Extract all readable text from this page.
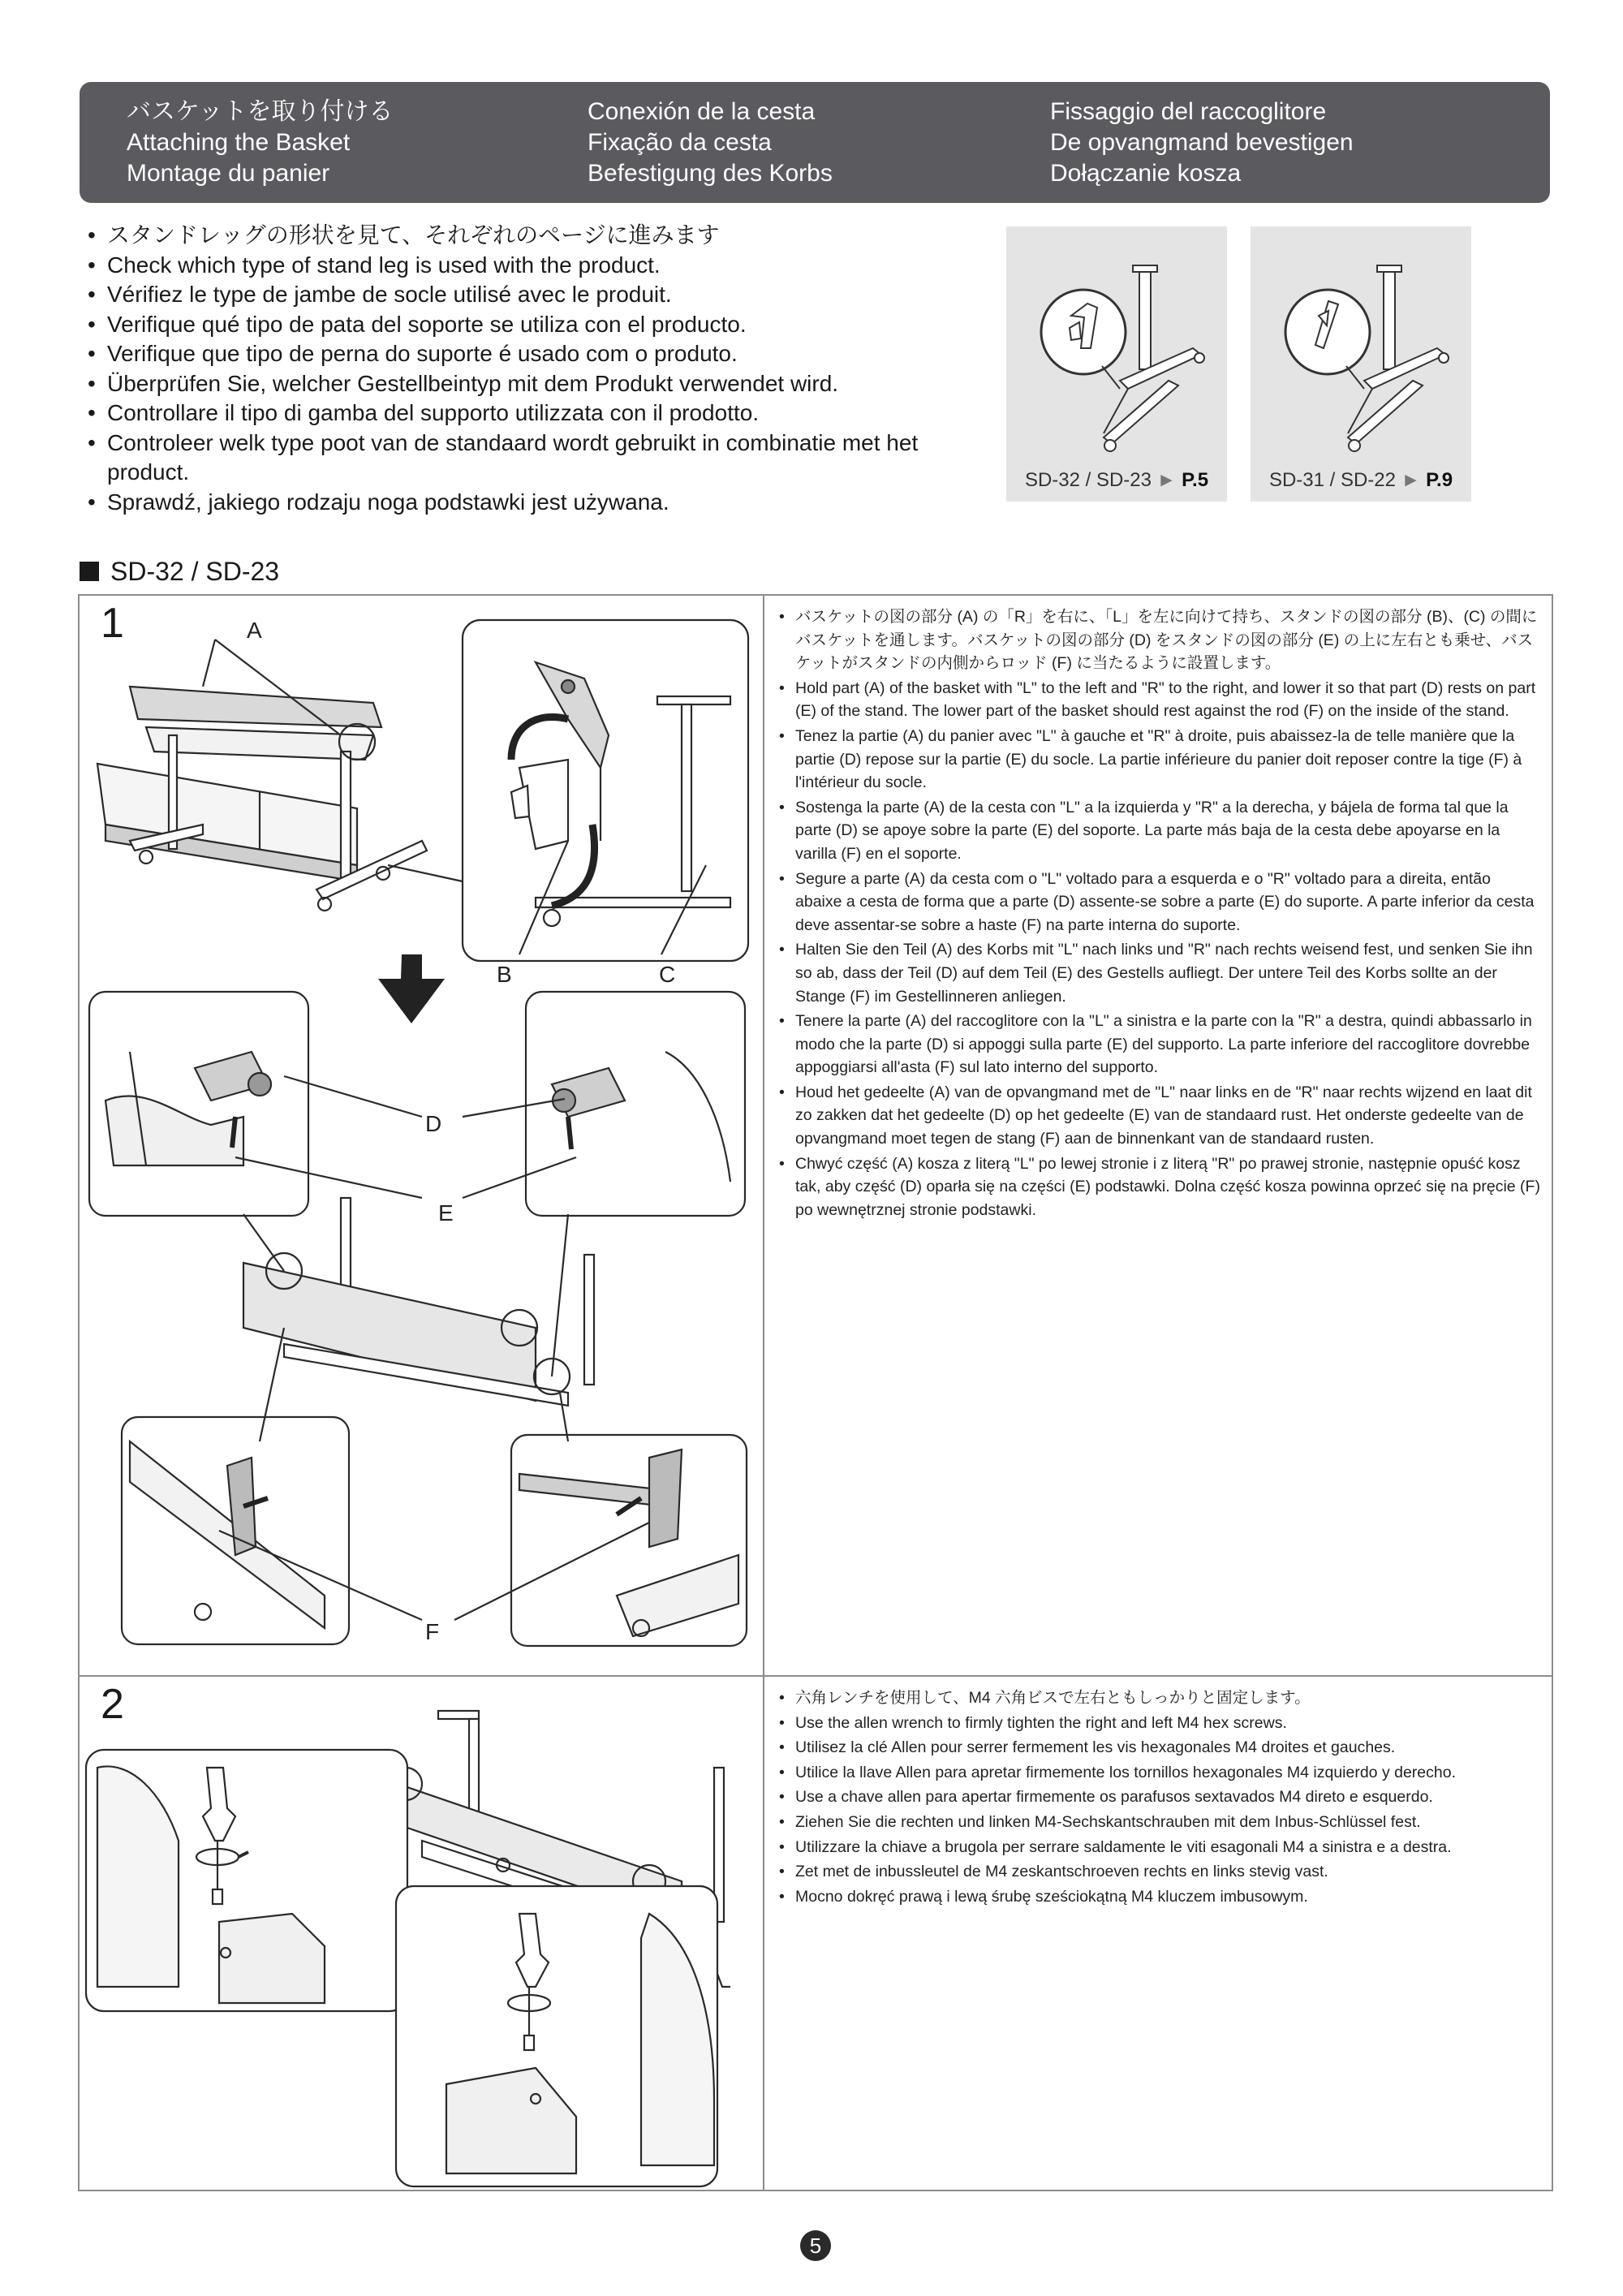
バスケットを取り付ける
Attaching the Basket
Montage du panier
Conexión de la cesta
Fixação da cesta
Befestigung des Korbs
Fissaggio del raccoglitore
De opvangmand bevestigen
Dołączanie kosza
• スタンドレッグの形状を見て、それぞれのページに進みます
• Check which type of stand leg is used with the product.
• Vérifiez le type de jambe de socle utilisé avec le produit.
• Verifique qué tipo de pata del soporte se utiliza con el producto.
• Verifique que tipo de perna do suporte é usado com o produto.
• Überprüfen Sie, welcher Gestellbeintyp mit dem Produkt verwendet wird.
• Controllare il tipo di gamba del supporto utilizzata con il prodotto.
• Controleer welk type poot van de standaard wordt gebruikt in combinatie met het product.
• Sprawdź, jakiego rodzaju noga podstawki jest używana.
SD-32 / SD-23 ► P.5	SD-31 / SD-22 ► P.9
SD-32 / SD-23
1	A
B	C
D
E
F
• バスケットの図の部分 (A) の「R」を右に、「L」を左に向けて持ち、スタンドの図の部分 (B)、(C) の間にバスケットを通します。バスケットの図の部分 (D) をスタンドの図の部分 (E) の上に左右とも乗せ、バスケットがスタンドの内側からロッド (F) に当たるように設置します。
• Hold part (A) of the basket with "L" to the left and "R" to the right, and lower it so that part (D) rests on part (E) of the stand. The lower part of the basket should rest against the rod (F) on the inside of the stand.
• Tenez la partie (A) du panier avec "L" à gauche et "R" à droite, puis abaissez-la de telle manière que la partie (D) repose sur la partie (E) du socle. La partie inférieure du panier doit reposer contre la tige (F) à l'intérieur du socle.
• Sostenga la parte (A) de la cesta con "L" a la izquierda y "R" a la derecha, y bájela de forma tal que la parte (D) se apoye sobre la parte (E) del soporte. La parte más baja de la cesta debe apoyarse en la varilla (F) en el soporte.
• Segure a parte (A) da cesta com o "L" voltado para a esquerda e o "R" voltado para a direita, então abaixe a cesta de forma que a parte (D) assente-se sobre a parte (E) do suporte. A parte inferior da cesta deve assentar-se sobre a haste (F) na parte interna do suporte.
• Halten Sie den Teil (A) des Korbs mit "L" nach links und "R" nach rechts weisend fest, und senken Sie ihn so ab, dass der Teil (D) auf dem Teil (E) des Gestells aufliegt. Der untere Teil des Korbs sollte an der Stange (F) im Gestellinneren anliegen.
• Tenere la parte (A) del raccoglitore con la "L" a sinistra e la parte con la "R" a destra, quindi abbassarlo in modo che la parte (D) si appoggi sulla parte (E) del supporto. La parte inferiore del raccoglitore dovrebbe appoggiarsi all'asta (F) sul lato interno del supporto.
• Houd het gedeelte (A) van de opvangmand met de "L" naar links en de "R" naar rechts wijzend en laat dit zo zakken dat het gedeelte (D) op het gedeelte (E) van de standaard rust. Het onderste gedeelte van de opvangmand moet tegen de stang (F) aan de binnenkant van de standaard rusten.
• Chwyć część (A) kosza z literą "L" po lewej stronie i z literą "R" po prawej stronie, następnie opuść kosz tak, aby część (D) oparła się na części (E) podstawki. Dolna część kosza powinna oprzeć się na pręcie (F) po wewnętrznej stronie podstawki.
2
•	六角レンチを使用して、M4 六角ビスで左右ともしっかりと固定します。
• Use the allen wrench to firmly tighten the right and left M4 hex screws.
• Utilisez la clé Allen pour serrer fermement les vis hexagonales M4 droites et gauches.
• Utilice la llave Allen para apretar firmemente los tornillos hexagonales M4 izquierdo y derecho.
• Use a chave allen para apertar firmemente os parafusos sextavados M4 direto e esquerdo.
• Ziehen Sie die rechten und linken M4-Sechskantschrauben mit dem Inbus-Schlüssel fest.
• Utilizzare la chiave a brugola per serrare saldamente le viti esagonali M4 a sinistra e a destra.
• Zet met de inbussleutel de M4 zeskantschroeven rechts en links stevig vast.
• Mocno dokręć prawą i lewą śrubę sześciokątną M4 kluczem imbusowym.
5
